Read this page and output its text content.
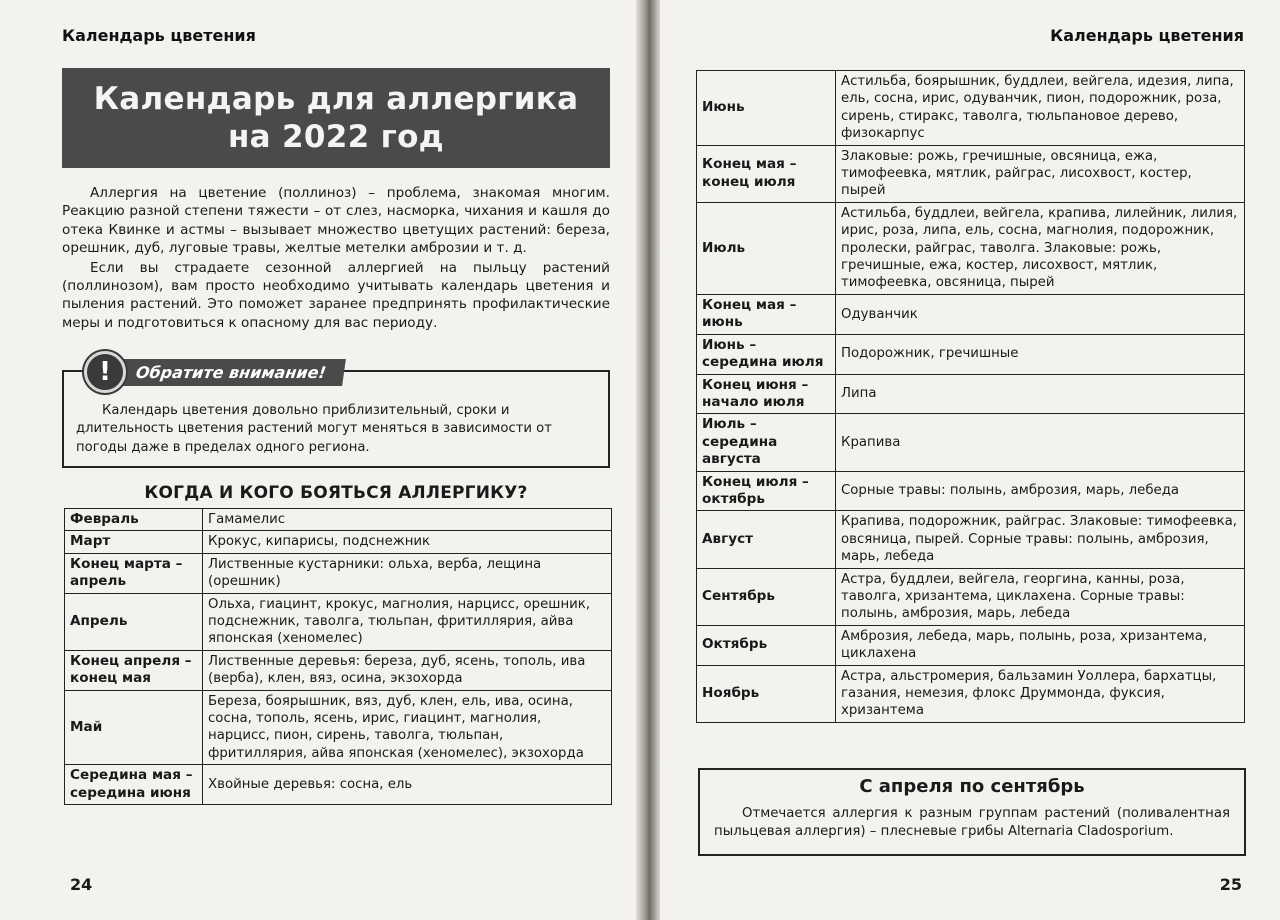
Календарь цветения
Календарь для аллергика
на 2022 год

Аллергия на цветение (поллиноз) – проблема, знакомая многим. Реакцию разной степени тяжести – от слез, насморка, чихания и кашля до отека Квинке и астмы – вызывает множество цветущих растений: береза, орешник, дуб, луговые травы, желтые метелки амброзии и т. д.

Если вы страдаете сезонной аллергией на пыльцу растений (поллинозом), вам просто необходимо учитывать календарь цветения и пыления растений. Это поможет заранее предпринять профилактические меры и подготовиться к опасному для вас периоду.

!	Обратите внимание!
Календарь цветения довольно приблизительный, сроки и длительность цветения растений могут меняться в зависимости от погоды даже в пределах одного региона.
КОГДА И КОГО БОЯТЬСЯ АЛЛЕРГИКУ?
Февраль	Гамамелис
Март	Крокус, кипарисы, подснежник
Конец марта – апрель	Лиственные кустарники: ольха, верба, лещина (орешник)
Апрель	Ольха, гиацинт, крокус, магнолия, нарцисс, орешник, подснежник, таволга, тюльпан, фритиллярия, айва японская (хеномелес)
Конец апреля – конец мая	Лиственные деревья: береза, дуб, ясень, тополь, ива (верба), клен, вяз, осина, экзохорда
Май	Береза, боярышник, вяз, дуб, клен, ель, ива, осина, сосна, тополь, ясень, ирис, гиацинт, магнолия, нарцисс, пион, сирень, таволга, тюльпан, фритиллярия, айва японская (хеномелес), экзохорда
Середина мая – середина июня	Хвойные деревья: сосна, ель
24
Календарь цветения
Июнь	Астильба, боярышник, буддлеи, вейгела, идезия, липа, ель, сосна, ирис, одуванчик, пион, подорожник, роза, сирень, стиракс, таволга, тюльпановое дерево, физокарпус
Конец мая – конец июля	Злаковые: рожь, гречишные, овсяница, ежа, тимофеевка, мятлик, райграс, лисохвост, костер, пырей
Июль	Астильба, буддлеи, вейгела, крапива, лилейник, лилия, ирис, роза, липа, ель, сосна, магнолия, подорожник, пролески, райграс, таволга. Злаковые: рожь, гречишные, ежа, костер, лисохвост, мятлик, тимофеевка, овсяница, пырей
Конец мая – июнь	Одуванчик
Июнь – середина июля	Подорожник, гречишные
Конец июня – начало июля	Липа
Июль – середина августа	Крапива
Конец июля – октябрь	Сорные травы: полынь, амброзия, марь, лебеда
Август	Крапива, подорожник, райграс. Злаковые: тимофеевка, овсяница, пырей. Сорные травы: полынь, амброзия, марь, лебеда
Сентябрь	Астра, буддлеи, вейгела, георгина, канны, роза, таволга, хризантема, циклахена. Сорные травы: полынь, амброзия, марь, лебеда
Октябрь	Амброзия, лебеда, марь, полынь, роза, хризантема, циклахена
Ноябрь	Астра, альстромерия, бальзамин Уоллера, бархатцы, газания, немезия, флокс Друммонда, фуксия, хризантема
С апреля по сентябрь
Отмечается аллергия к разным группам растений (поливалентная пыльцевая аллергия) – плесневые грибы Alternaria Cladosporium.
25
